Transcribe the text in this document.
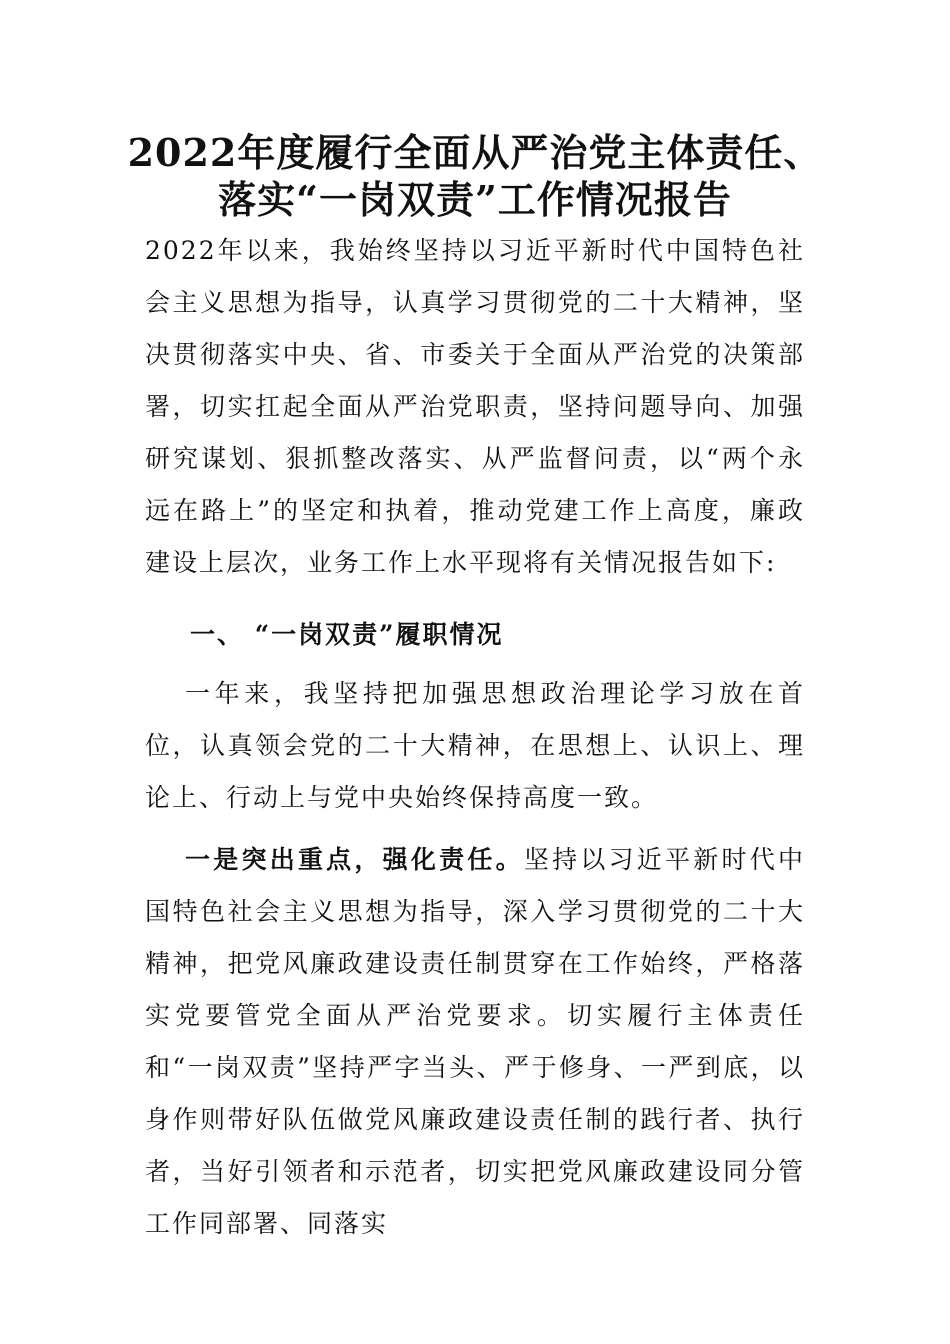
2022年度履行全面从严治党主体责任、
落实“一岗双责”工作情况报告

2022年以来，我始终坚持以习近平新时代中国特色社会主义思想为指导，认真学习贯彻党的二十大精神，坚决贯彻落实中央、省、市委关于全面从严治党的决策部署，切实扛起全面从严治党职责，坚持问题导向、加强研究谋划、狠抓整改落实、从严监督问责，以“两个永远在路上”的坚定和执着，推动党建工作上高度，廉政建设上层次，业务工作上水平现将有关情况报告如下:

一、 “一岗双责”履职情况

一年来，我坚持把加强思想政治理论学习放在首位，认真领会党的二十大精神，在思想上、认识上、理论上、行动上与党中央始终保持高度一致。

一是突出重点，强化责任。坚持以习近平新时代中国特色社会主义思想为指导，深入学习贯彻党的二十大精神，把党风廉政建设责任制贯穿在工作始终，严格落实党要管党全面从严治党要求。切实履行主体责任和“一岗双责”坚持严字当头、严于修身、一严到底，以身作则带好队伍做党风廉政建设责任制的践行者、执行者，当好引领者和示范者，切实把党风廉政建设同分管工作同部署、同落实
